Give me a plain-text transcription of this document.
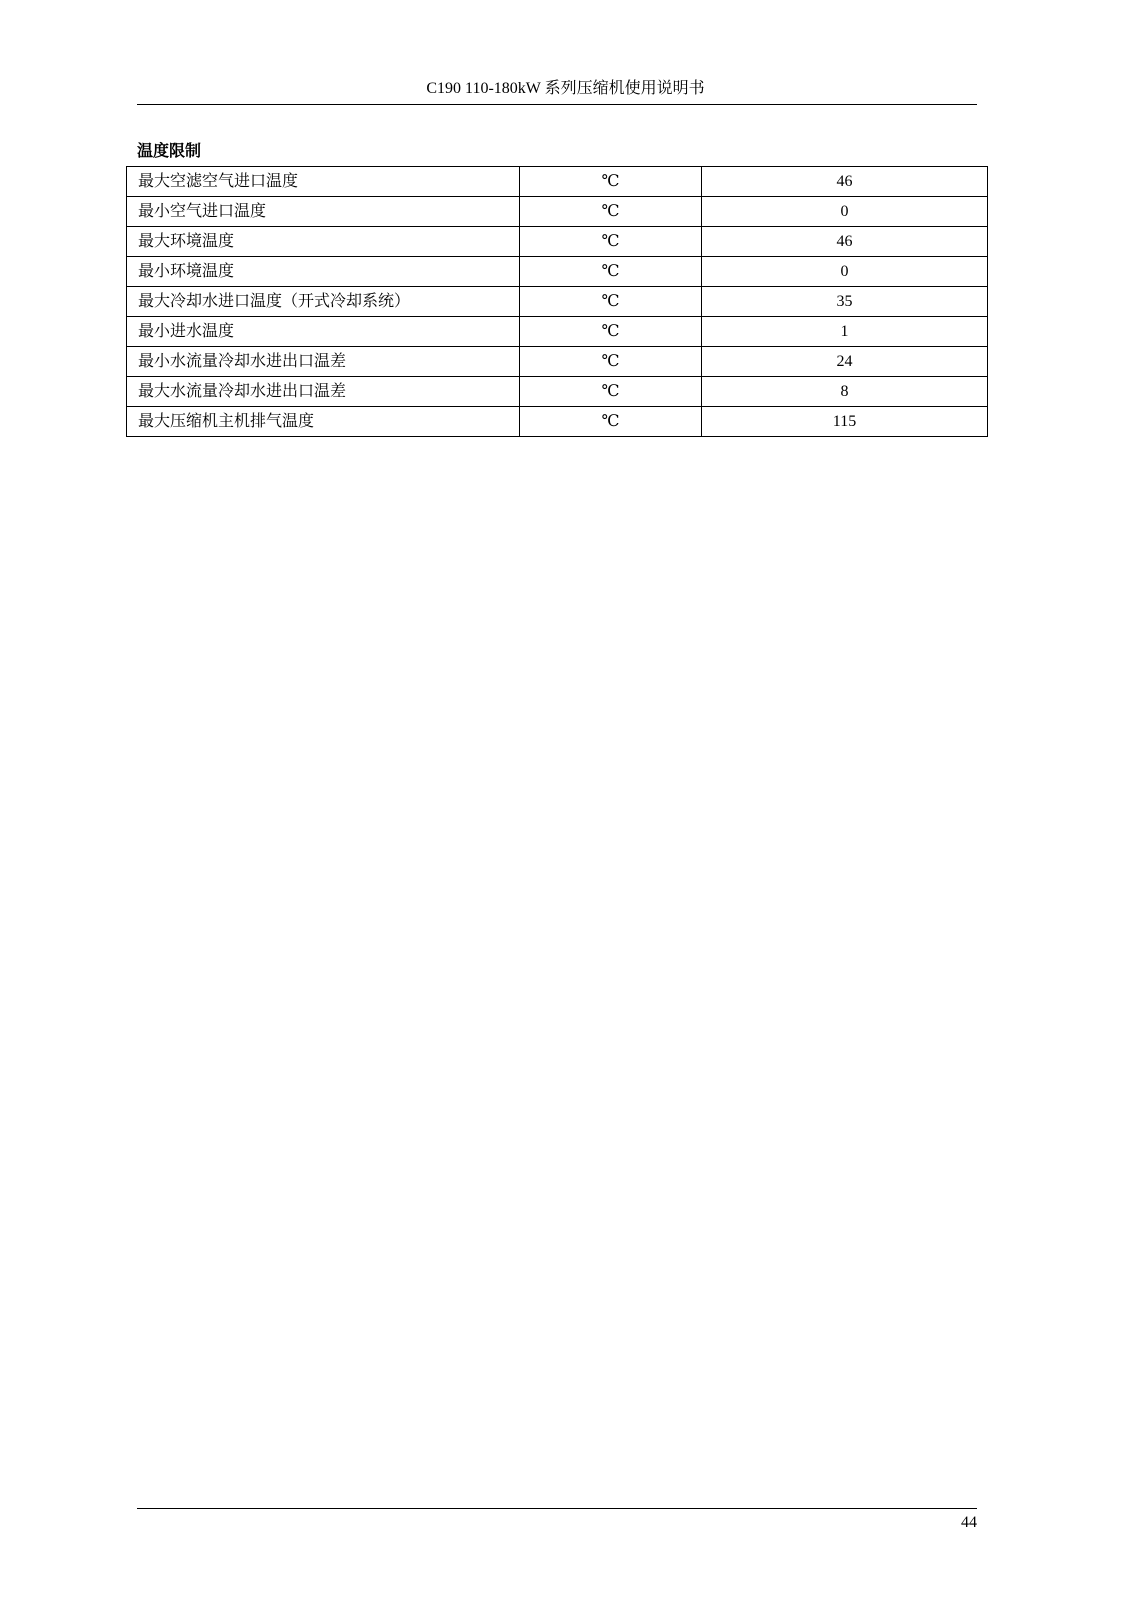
C190 110-180kW 系列压缩机使用说明书
温度限制
最大空滤空气进口温度	℃	46
最小空气进口温度	℃	0
最大环境温度	℃	46
最小环境温度	℃	0
最大冷却水进口温度（开式冷却系统）	℃	35
最小进水温度	℃	1
最小水流量冷却水进出口温差	℃	24
最大水流量冷却水进出口温差	℃	8
最大压缩机主机排气温度	℃	115
44
